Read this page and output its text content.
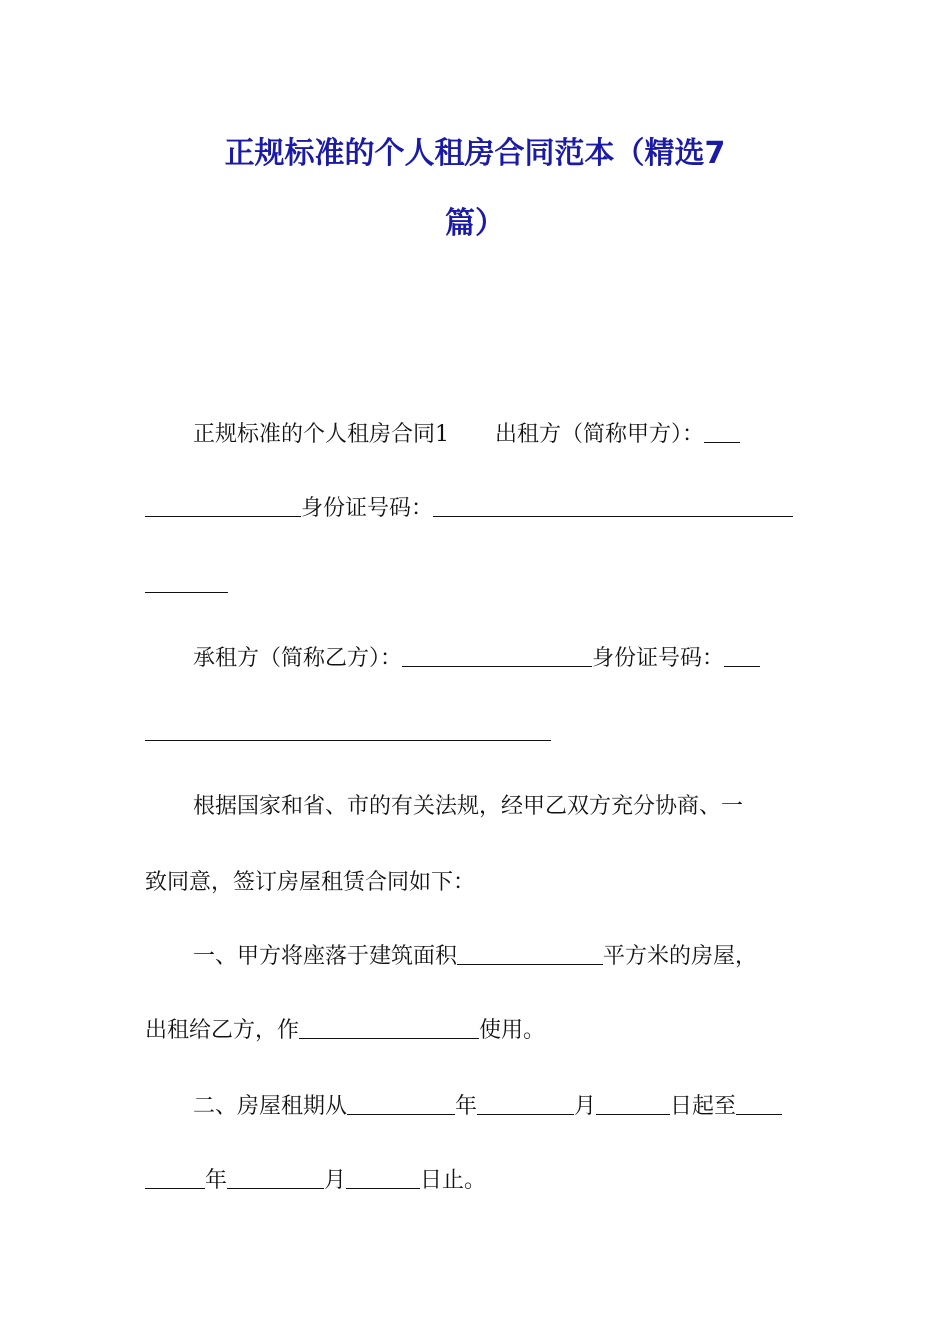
正规标准的个人租房合同范本（精选7
篇）
正规标准的个人租房合同1 出租方（简称甲方）：
身份证号码：
承租方（简称乙方）：	身份证号码：
根据国家和省、市的有关法规，经甲乙双方充分协商、一
致同意，签订房屋租赁合同如下：
一、甲方将座落于建筑面积	平方米的房屋，
出租给乙方，作	使用。
二、房屋租期从	年	月	日起至
年	月	日止。
